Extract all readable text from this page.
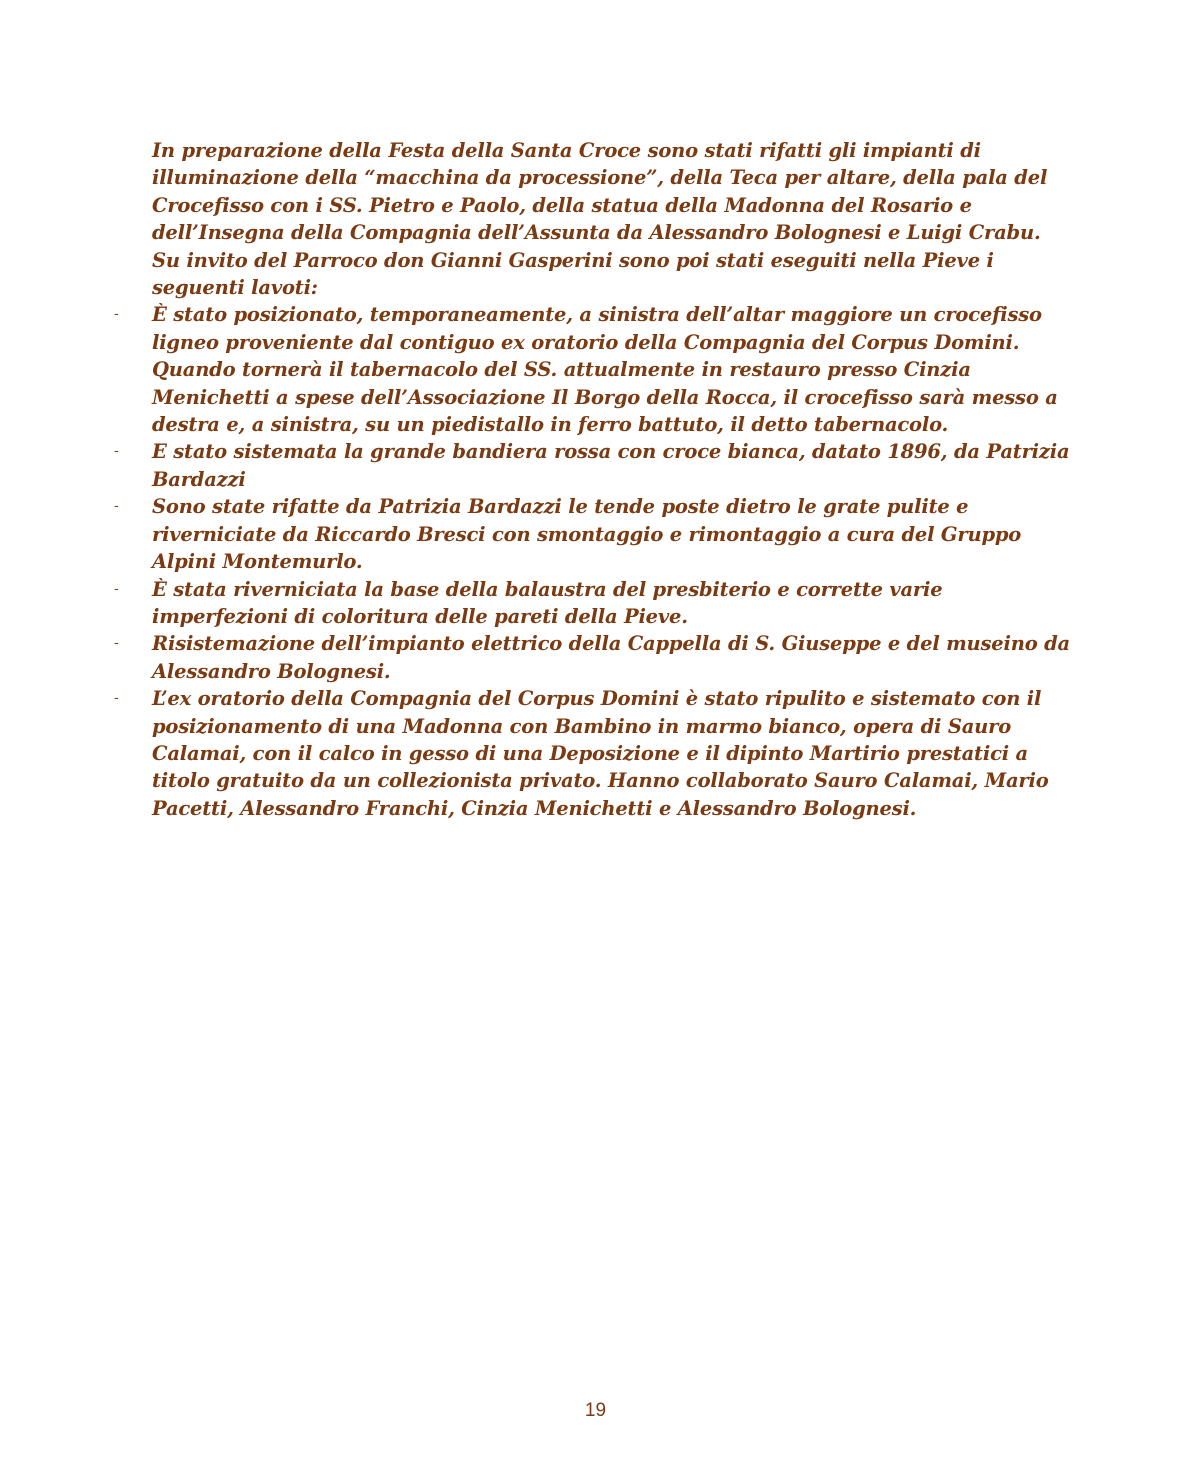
In preparazione della Festa della Santa Croce sono stati rifatti gli impianti di illuminazione della “macchina da processione”, della Teca per altare, della pala del Crocefisso con i SS. Pietro e Paolo, della statua della Madonna del Rosario e dell’Insegna della Compagnia dell’Assunta da Alessandro Bolognesi e Luigi Crabu. Su invito del Parroco don Gianni Gasperini sono poi stati eseguiti nella Pieve i seguenti lavoti:

- È stato posizionato, temporaneamente, a sinistra dell’altar maggiore un crocefisso ligneo proveniente dal contiguo ex oratorio della Compagnia del Corpus Domini. Quando tornerà il tabernacolo del SS. attualmente in restauro presso Cinzia Menichetti a spese dell’Associazione Il Borgo della Rocca, il crocefisso sarà messo a destra e, a sinistra, su un piedistallo in ferro battuto, il detto tabernacolo.
- E stato sistemata la grande bandiera rossa con croce bianca, datato 1896, da Patrizia Bardazzi
- Sono state rifatte da Patrizia Bardazzi le tende poste dietro le grate pulite e riverniciate da Riccardo Bresci con smontaggio e rimontaggio a cura del Gruppo Alpini Montemurlo.
- È stata riverniciata la base della balaustra del presbiterio e corrette varie imperfezioni di coloritura delle pareti della Pieve.
- Risistemazione dell’impianto elettrico della Cappella di S. Giuseppe e del museino da Alessandro Bolognesi.
- L’ex oratorio della Compagnia del Corpus Domini è stato ripulito e sistemato con il posizionamento di una Madonna con Bambino in marmo bianco, opera di Sauro Calamai, con il calco in gesso di una Deposizione e il dipinto Martirio prestatici a titolo gratuito da un collezionista privato. Hanno collaborato Sauro Calamai, Mario Pacetti, Alessandro Franchi, Cinzia Menichetti e Alessandro Bolognesi.
19
